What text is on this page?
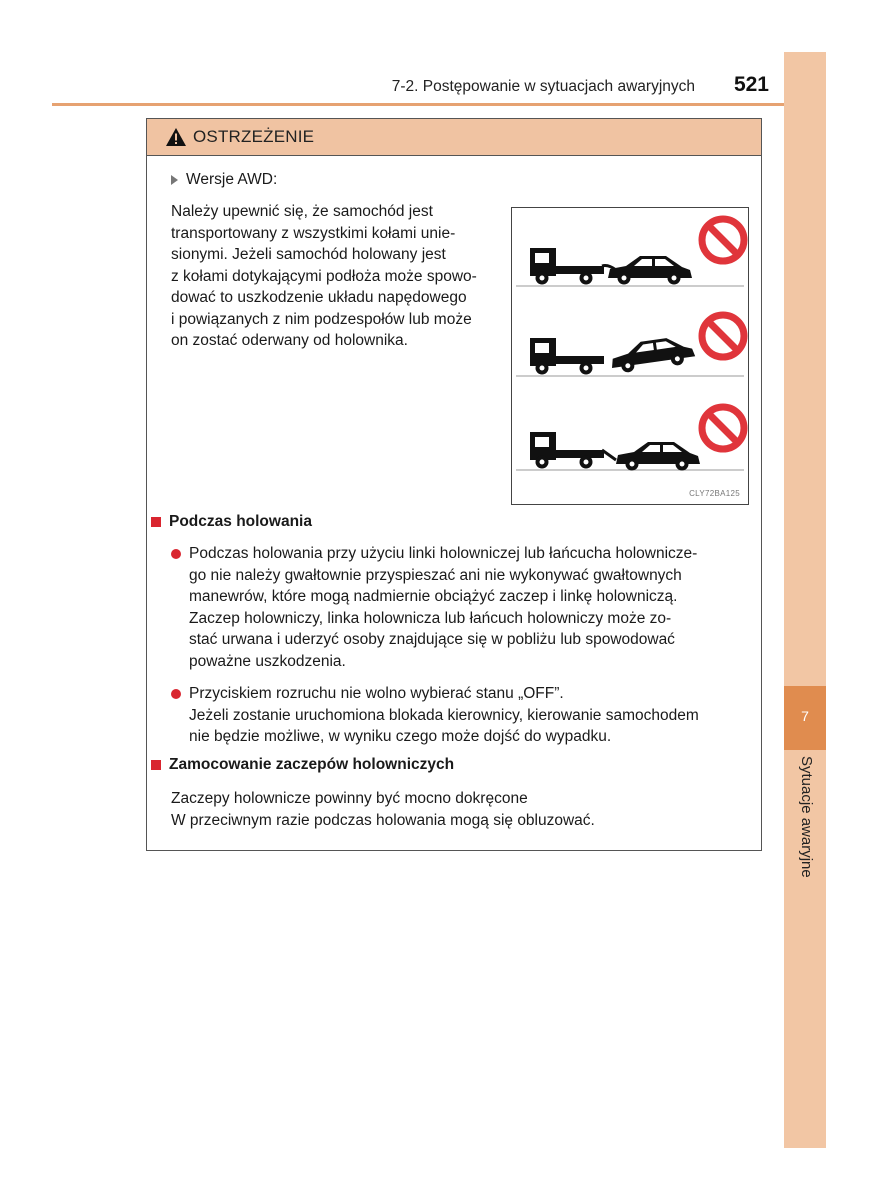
7-2. Postępowanie w sytuacjach awaryjnych 521
7
Sytuacje awaryjne
OSTRZEŻENIE
Wersje AWD:
Należy upewnić się, że samochód jest
transportowany z wszystkimi kołami unie-
sionymi. Jeżeli samochód holowany jest
z kołami dotykającymi podłoża może spowo-
dować to uszkodzenie układu napędowego
i powiązanych z nim podzespołów lub może
on zostać oderwany od holownika.
CLY72BA125
Podczas holowania
Podczas holowania przy użyciu linki holowniczej lub łańcucha holownicze-
go nie należy gwałtownie przyspieszać ani nie wykonywać gwałtownych
manewrów, które mogą nadmiernie obciążyć zaczep i linkę holowniczą.
Zaczep holowniczy, linka holownicza lub łańcuch holowniczy może zo-
stać urwana i uderzyć osoby znajdujące się w pobliżu lub spowodować
poważne uszkodzenia.
Przyciskiem rozruchu nie wolno wybierać stanu „OFF”.
Jeżeli zostanie uruchomiona blokada kierownicy, kierowanie samochodem
nie będzie możliwe, w wyniku czego może dojść do wypadku.
Zamocowanie zaczepów holowniczych
Zaczepy holownicze powinny być mocno dokręcone
W przeciwnym razie podczas holowania mogą się obluzować.
